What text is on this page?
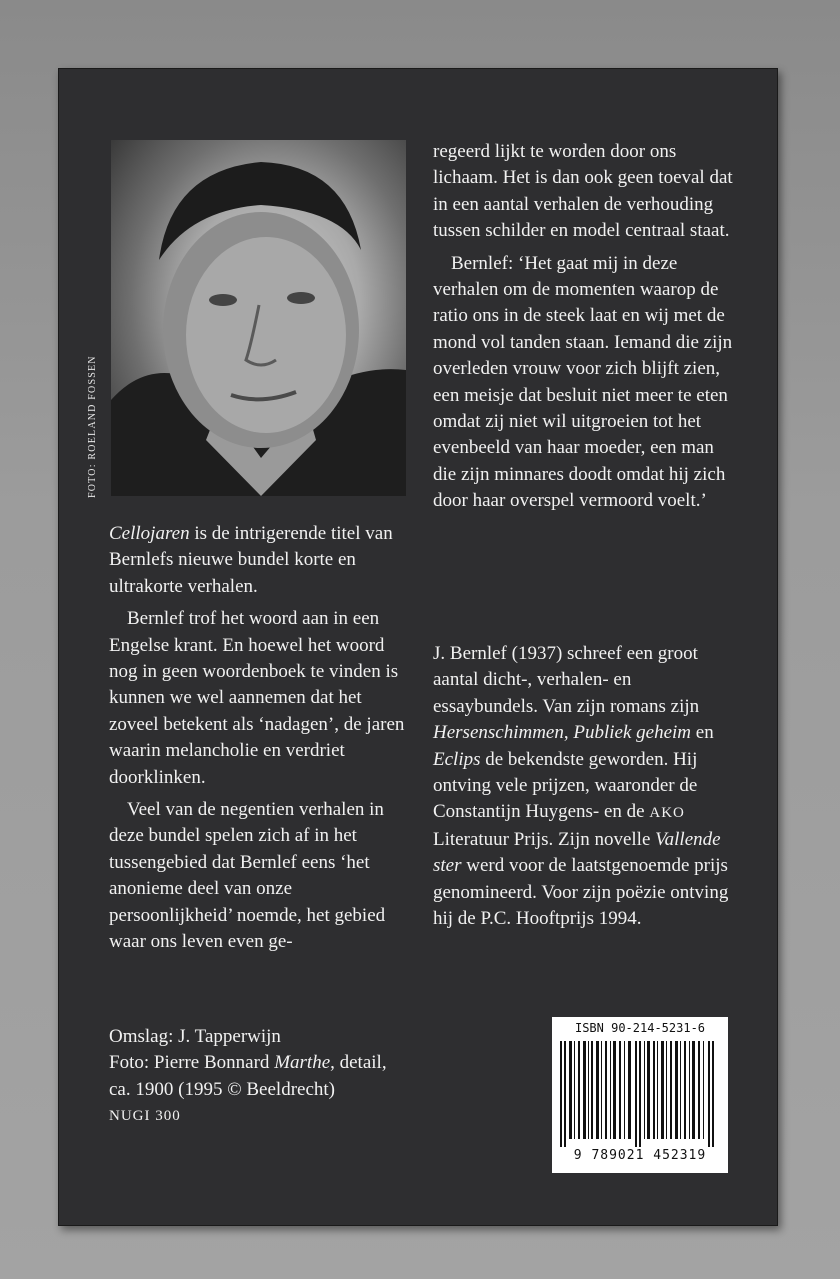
FOTO: ROELAND FOSSEN

Cellojaren is de intrigerende titel van Bernlefs nieuwe bundel korte en ultrakorte verhalen.

Bernlef trof het woord aan in een Engelse krant. En hoewel het woord nog in geen woordenboek te vinden is kunnen we wel aannemen dat het zoveel betekent als ‘nadagen’, de jaren waarin melancholie en verdriet doorklinken.

Veel van de negentien verhalen in deze bundel spelen zich af in het tussengebied dat Bernlef eens ‘het anonieme deel van onze persoonlijkheid’ noemde, het gebied waar ons leven even ge-

regeerd lijkt te worden door ons lichaam. Het is dan ook geen toeval dat in een aantal verhalen de verhouding tussen schilder en model centraal staat.

Bernlef: ‘Het gaat mij in deze verhalen om de momenten waarop de ratio ons in de steek laat en wij met de mond vol tanden staan. Iemand die zijn overleden vrouw voor zich blijft zien, een meisje dat besluit niet meer te eten omdat zij niet wil uitgroeien tot het evenbeeld van haar moeder, een man die zijn minnares doodt omdat hij zich door haar overspel vermoord voelt.’

J. Bernlef (1937) schreef een groot aantal dicht-, verhalen- en essaybundels. Van zijn romans zijn Hersenschimmen, Publiek geheim en Eclips de bekendste geworden. Hij ontving vele prijzen, waaronder de Constantijn Huygens- en de AKO Literatuur Prijs. Zijn novelle Vallende ster werd voor de laatstgenoemde prijs genomineerd. Voor zijn poëzie ontving hij de P.C. Hooftprijs 1994.

Omslag: J. Tapperwijn

Foto: Pierre Bonnard Marthe, detail, ca. 1900 (1995 © Beeldrecht)

NUGI 300

ISBN 90-214-5231-6
9 789021 452319
